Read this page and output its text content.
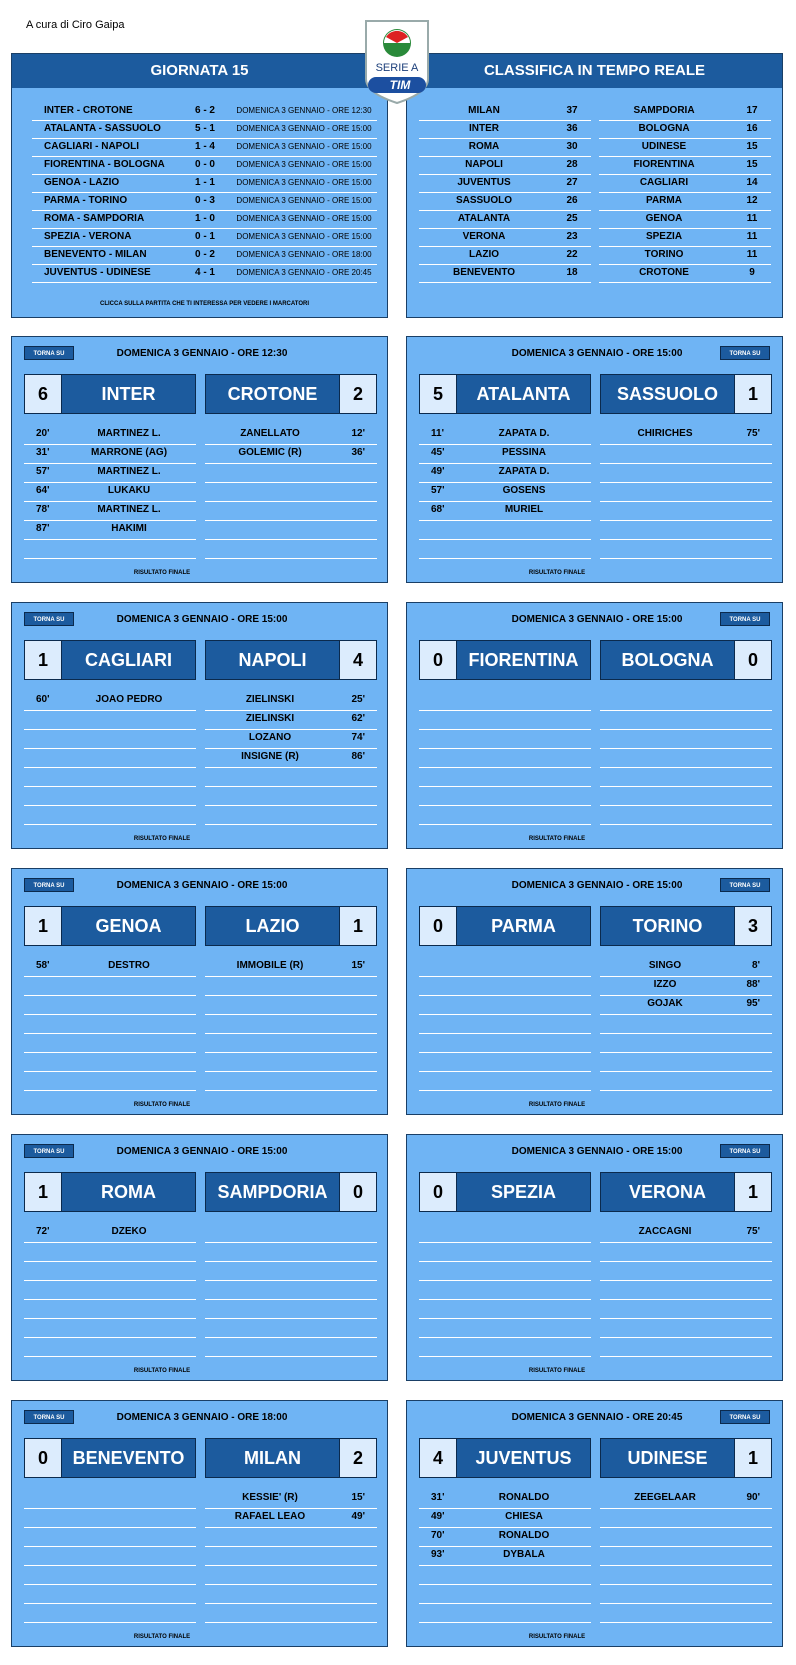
A cura di Ciro Gaipa
GIORNATA 15
INTER - CROTONE	6 - 2	DOMENICA 3 GENNAIO - ORE 12:30
ATALANTA - SASSUOLO	5 - 1	DOMENICA 3 GENNAIO - ORE 15:00
CAGLIARI - NAPOLI	1 - 4	DOMENICA 3 GENNAIO - ORE 15:00
FIORENTINA - BOLOGNA	0 - 0	DOMENICA 3 GENNAIO - ORE 15:00
GENOA - LAZIO	1 - 1	DOMENICA 3 GENNAIO - ORE 15:00
PARMA - TORINO	0 - 3	DOMENICA 3 GENNAIO - ORE 15:00
ROMA - SAMPDORIA	1 - 0	DOMENICA 3 GENNAIO - ORE 15:00
SPEZIA - VERONA	0 - 1	DOMENICA 3 GENNAIO - ORE 15:00
BENEVENTO - MILAN	0 - 2	DOMENICA 3 GENNAIO - ORE 18:00
JUVENTUS - UDINESE	4 - 1	DOMENICA 3 GENNAIO - ORE 20:45
CLICCA SULLA PARTITA CHE TI INTERESSA PER VEDERE I MARCATORI
CLASSIFICA IN TEMPO REALE
MILAN	37
INTER	36
ROMA	30
NAPOLI	28
JUVENTUS	27
SASSUOLO	26
ATALANTA	25
VERONA	23
LAZIO	22
BENEVENTO	18
SAMPDORIA	17
BOLOGNA	16
UDINESE	15
FIORENTINA	15
CAGLIARI	14
PARMA	12
GENOA	11
SPEZIA	11
TORINO	11
CROTONE	9
SERIE A
TIM
TORNA SU	DOMENICA 3 GENNAIO - ORE 12:30
6	INTER	CROTONE	2
20'	MARTINEZ L.	ZANELLATO	12'
31'	MARRONE (AG)	GOLEMIC (R)	36'
57'	MARTINEZ L.
64'	LUKAKU
78'	MARTINEZ L.
87'	HAKIMI
RISULTATO FINALE
TORNA SU
DOMENICA 3 GENNAIO - ORE 15:00
5	ATALANTA	SASSUOLO	1
11'	ZAPATA D.	CHIRICHES	75'
45'	PESSINA
49'	ZAPATA D.
57'	GOSENS
68'	MURIEL
RISULTATO FINALE
TORNA SU	DOMENICA 3 GENNAIO - ORE 15:00
1	CAGLIARI	NAPOLI	4
60'	JOAO PEDRO	ZIELINSKI	25'
ZIELINSKI	62'
LOZANO	74'
INSIGNE (R)	86'
RISULTATO FINALE
TORNA SU
DOMENICA 3 GENNAIO - ORE 15:00
0	FIORENTINA	BOLOGNA	0
RISULTATO FINALE
TORNA SU	DOMENICA 3 GENNAIO - ORE 15:00
1	GENOA	LAZIO	1
58'	DESTRO	IMMOBILE (R)	15'
RISULTATO FINALE
TORNA SU
DOMENICA 3 GENNAIO - ORE 15:00
0	PARMA	TORINO	3
SINGO	8'
IZZO	88'
GOJAK	95'
RISULTATO FINALE
TORNA SU	DOMENICA 3 GENNAIO - ORE 15:00
1	ROMA	SAMPDORIA	0
72'	DZEKO
RISULTATO FINALE
TORNA SU
DOMENICA 3 GENNAIO - ORE 15:00
0	SPEZIA	VERONA	1
ZACCAGNI	75'
RISULTATO FINALE
TORNA SU	DOMENICA 3 GENNAIO - ORE 18:00
0	BENEVENTO	MILAN	2
KESSIE' (R)	15'
RAFAEL LEAO	49'
RISULTATO FINALE
TORNA SU
DOMENICA 3 GENNAIO - ORE 20:45
4	JUVENTUS	UDINESE	1
31'	RONALDO	ZEEGELAAR	90'
49'	CHIESA
70'	RONALDO
93'	DYBALA
RISULTATO FINALE
